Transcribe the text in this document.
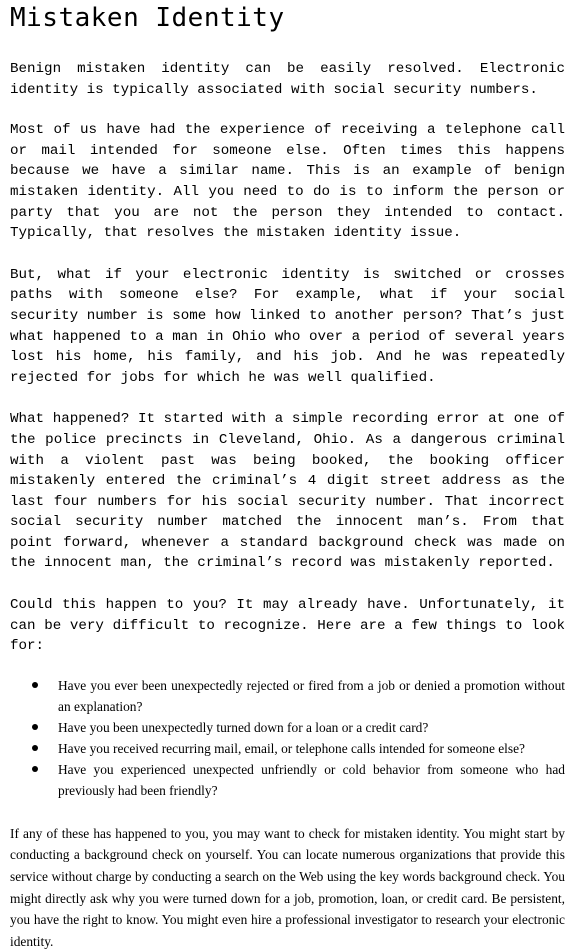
Mistaken Identity

Benign mistaken identity can be easily resolved. Electronic identity is typically associated with social security numbers.

Most of us have had the experience of receiving a telephone call or mail intended for someone else. Often times this happens because we have a similar name. This is an example of benign mistaken identity. All you need to do is to inform the person or party that you are not the person they intended to contact. Typically, that resolves the mistaken identity issue.

But, what if your electronic identity is switched or crosses paths with someone else? For example, what if your social security number is some how linked to another person? That’s just what happened to a man in Ohio who over a period of several years lost his home, his family, and his job. And he was repeatedly rejected for jobs for which he was well qualified.

What happened? It started with a simple recording error at one of the police precincts in Cleveland, Ohio. As a dangerous criminal with a violent past was being booked, the booking officer mistakenly entered the criminal’s 4 digit street address as the last four numbers for his social security number. That incorrect social security number matched the innocent man’s. From that point forward, whenever a standard background check was made on the innocent man, the criminal’s record was mistakenly reported.

Could this happen to you? It may already have. Unfortunately, it can be very difficult to recognize. Here are a few things to look for:

Have you ever been unexpectedly rejected or fired from a job or denied a promotion without an explanation?
Have you been unexpectedly turned down for a loan or a credit card?
Have you received recurring mail, email, or telephone calls intended for someone else?
Have you experienced unexpected unfriendly or cold behavior from someone who had previously had been friendly?

If any of these has happened to you, you may want to check for mistaken identity. You might start by conducting a background check on yourself. You can locate numerous organizations that provide this service without charge by conducting a search on the Web using the key words background check. You might directly ask why you were turned down for a job, promotion, loan, or credit card. Be persistent, you have the right to know. You might even hire a professional investigator to research your electronic identity.
